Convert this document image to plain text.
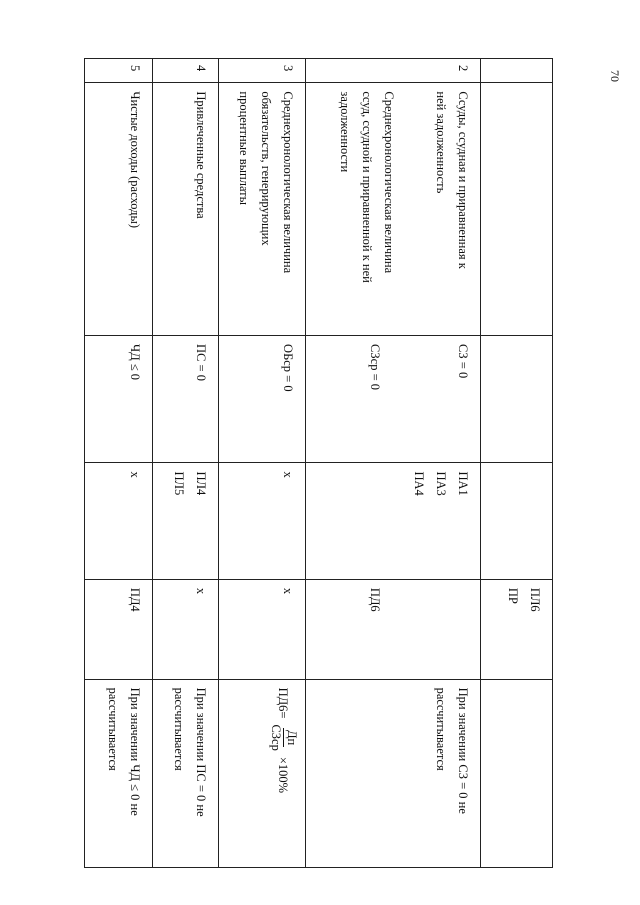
70

				ПЛ6
ПР	

2	Ссуды, ссудная и приравненная к
ней задолженность
Среднехронологическая величина
ссуд, ссудной и приравненной к ней
задолженности	СЗ = 0
СЗср = 0	ПА1
ПА3
ПА4	ПД6	При значении СЗ = 0 не
рассчитывается

3	Среднехронологическая величина
обязательств, генерирующих
процентные выплаты	ОБср = 0	х	х	ПД6=
Дп
СЗср
×100%

4	Привлеченные средства	ПС = 0	ПЛ4
ПЛ5	х	При значении ПС = 0 не
рассчитывается

5	Чистые доходы (расходы)	ЧД ≤ 0	х	ПД4	При значении ЧД ≤ 0 не
рассчитывается
